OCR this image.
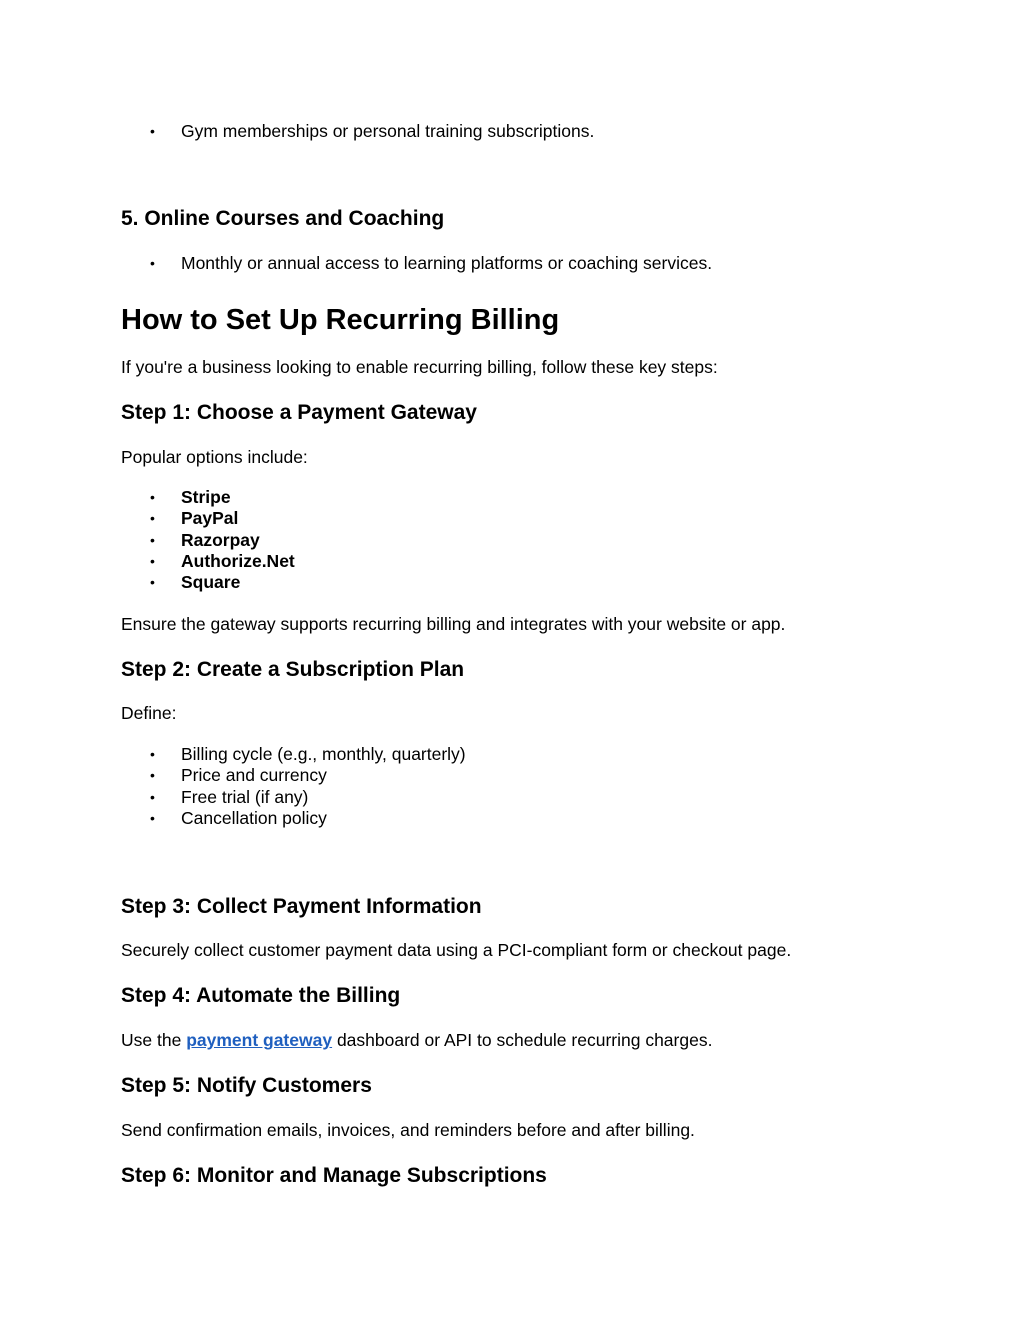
• Gym memberships or personal training subscriptions.
5. Online Courses and Coaching
• Monthly or annual access to learning platforms or coaching services.
How to Set Up Recurring Billing

If you're a business looking to enable recurring billing, follow these key steps:

Step 1: Choose a Payment Gateway

Popular options include:

• Stripe
• PayPal
• Razorpay
• Authorize.Net
• Square

Ensure the gateway supports recurring billing and integrates with your website or app.

Step 2: Create a Subscription Plan

Define:

• Billing cycle (e.g., monthly, quarterly)
• Price and currency
• Free trial (if any)
• Cancellation policy
Step 3: Collect Payment Information

Securely collect customer payment data using a PCI-compliant form or checkout page.

Step 4: Automate the Billing

Use the payment gateway dashboard or API to schedule recurring charges.

Step 5: Notify Customers

Send confirmation emails, invoices, and reminders before and after billing.

Step 6: Monitor and Manage Subscriptions
